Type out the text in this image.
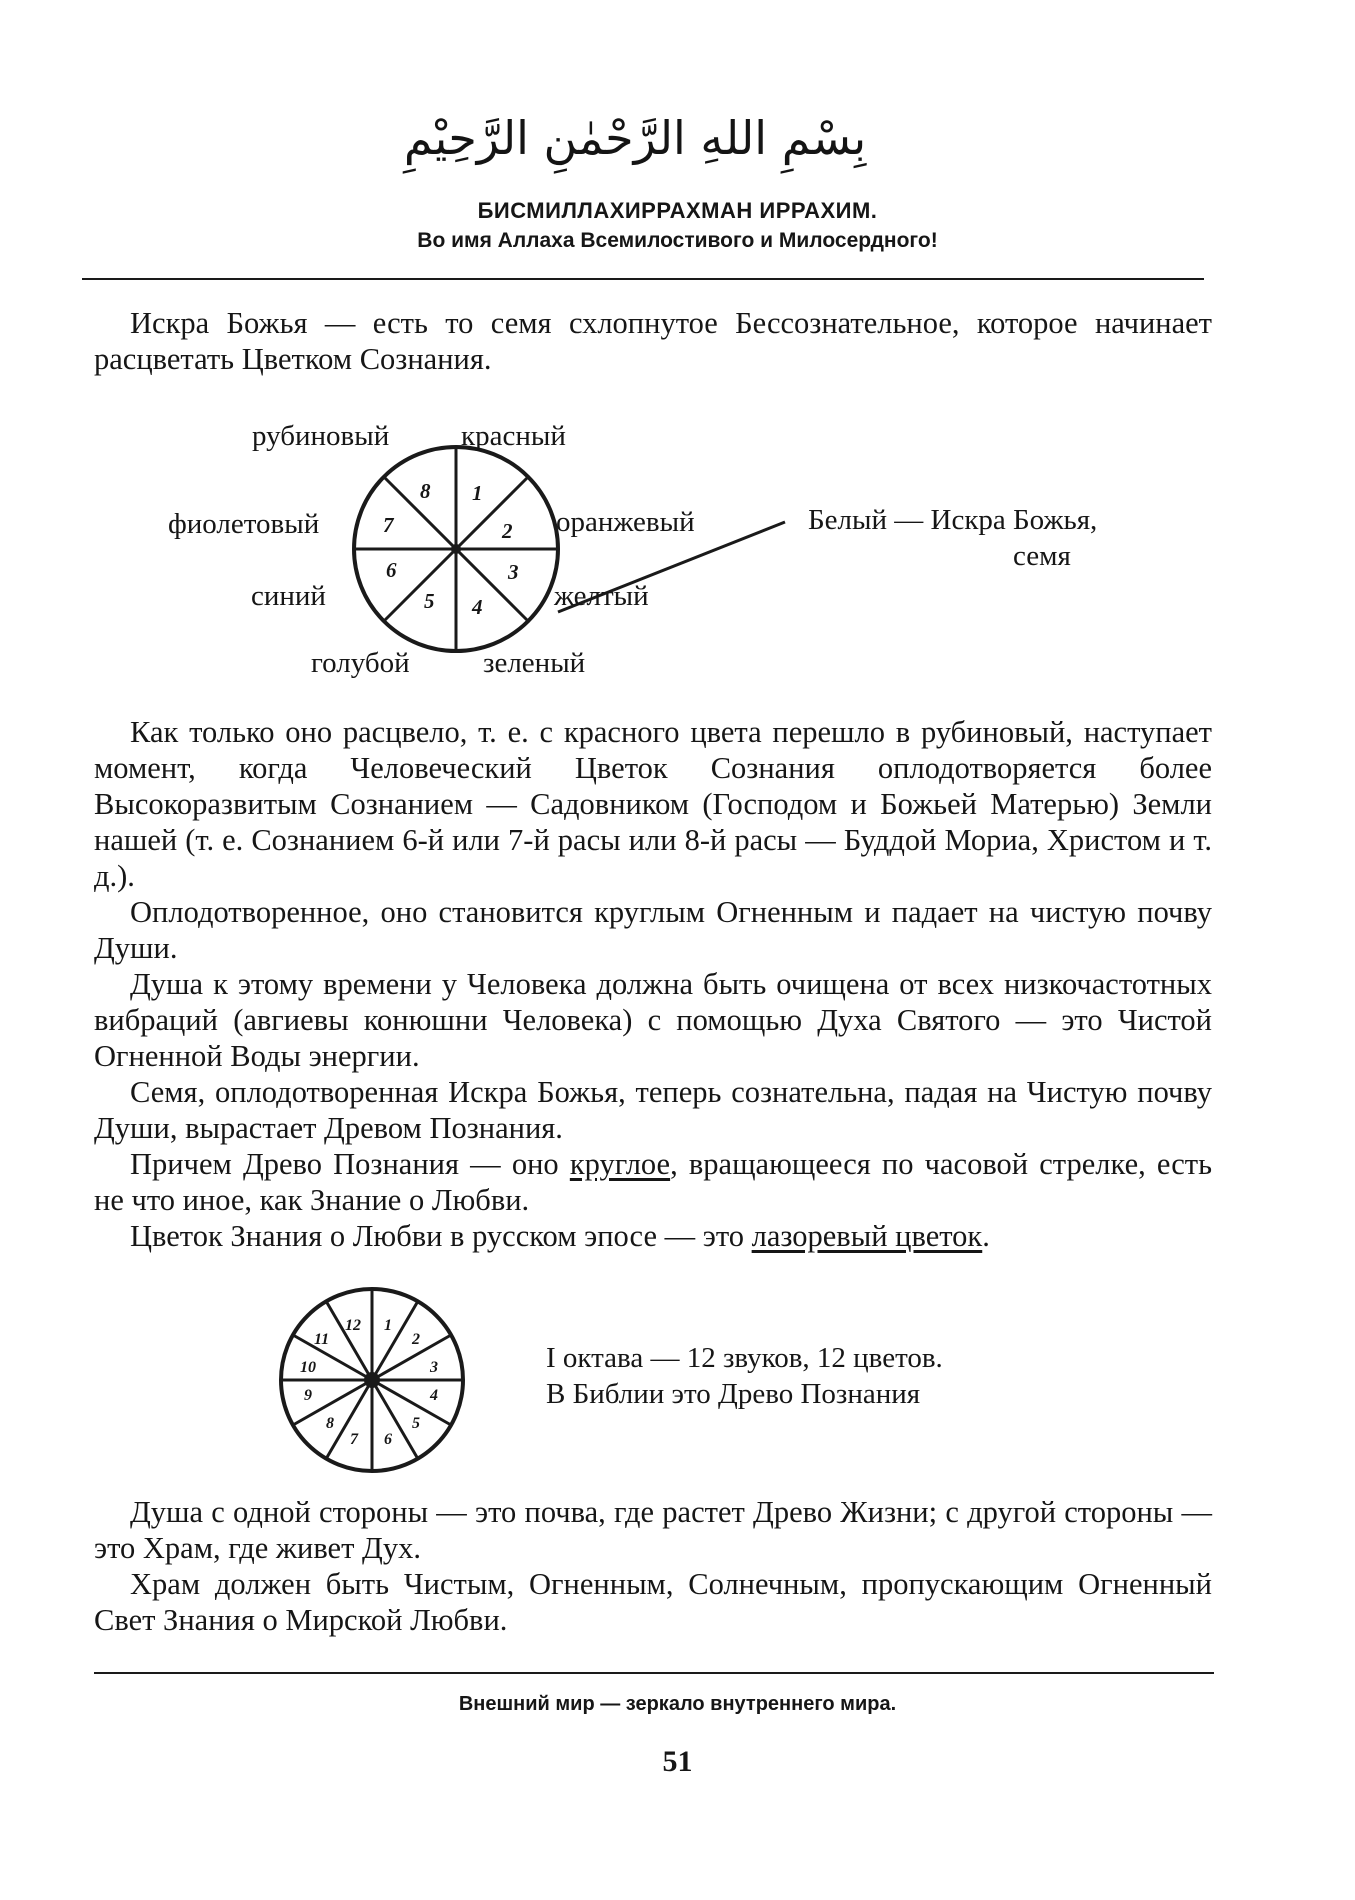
بِسْمِ اللهِ الرَّحْمٰنِ الرَّحِيْمِ
БИСМИЛЛАХИРРАХМАН ИРРАХИМ.
Во имя Аллаха Всемилостивого и Милосердного!

Искра Божья — есть то семя схлопнутое Бессознательное, которое начинает расцветать Цветком Сознания.

1
2
3
4
5
6
7
8
рубиновый красный
фиолетовый	оранжевый
синий	желтый
голубой	зеленый
Белый — Искра Божья,
семя
1
2
3
4
5
6
7
8
9
10
11
12
I октава — 12 звуков, 12 цветов.
В Библии это Древо Познания

Как только оно расцвело, т. е. с красного цвета перешло в рубиновый, наступает момент, когда Человеческий Цветок Сознания оплодотворяется более Высокоразвитым Сознанием — Садовником (Господом и Божьей Матерью) Земли нашей (т. е. Сознанием 6-й или 7-й расы или 8-й расы — Буддой Мориа, Христом и т. д.).

Оплодотворенное, оно становится круглым Огненным и падает на чистую почву Души.

Душа к этому времени у Человека должна быть очищена от всех низкочастотных вибраций (авгиевы конюшни Человека) с помощью Духа Святого — это Чистой Огненной Воды энергии.

Семя, оплодотворенная Искра Божья, теперь сознательна, падая на Чистую почву Души, вырастает Древом Познания.

Причем Древо Познания — оно круглое, вращающееся по часовой стрелке, есть не что иное, как Знание о Любви.

Цветок Знания о Любви в русском эпосе — это лазоревый цветок.

Душа с одной стороны — это почва, где растет Древо Жизни; с другой стороны — это Храм, где живет Дух.

Храм должен быть Чистым, Огненным, Солнечным, пропускающим Огненный Свет Знания о Мирской Любви.

Внешний мир — зеркало внутреннего мира.
51
